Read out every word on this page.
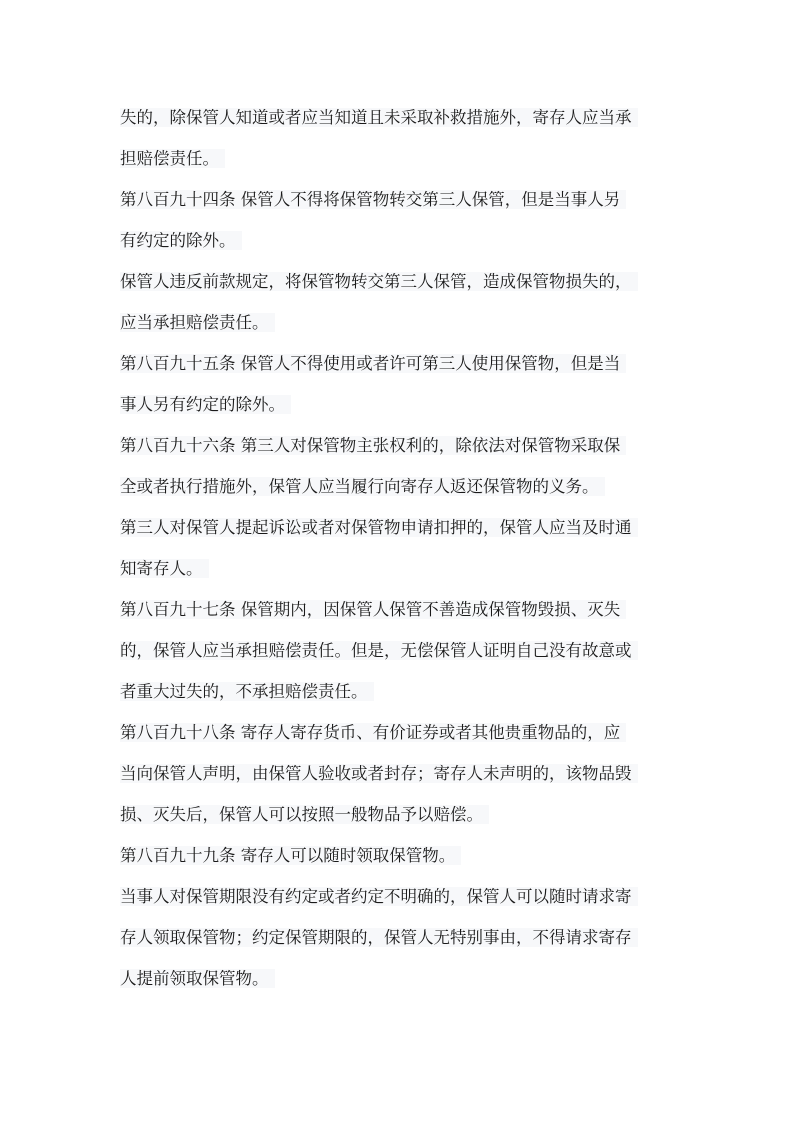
失的，除保管人知道或者应当知道且未采取补救措施外，寄存人应当承
担赔偿责任。
第八百九十四条 保管人不得将保管物转交第三人保管，但是当事人另
有约定的除外。
保管人违反前款规定，将保管物转交第三人保管，造成保管物损失的，
应当承担赔偿责任。
第八百九十五条 保管人不得使用或者许可第三人使用保管物，但是当
事人另有约定的除外。
第八百九十六条 第三人对保管物主张权利的，除依法对保管物采取保
全或者执行措施外，保管人应当履行向寄存人返还保管物的义务。
第三人对保管人提起诉讼或者对保管物申请扣押的，保管人应当及时通
知寄存人。
第八百九十七条 保管期内，因保管人保管不善造成保管物毁损、灭失
的，保管人应当承担赔偿责任。但是，无偿保管人证明自己没有故意或
者重大过失的，不承担赔偿责任。
第八百九十八条 寄存人寄存货币、有价证券或者其他贵重物品的，应
当向保管人声明，由保管人验收或者封存；寄存人未声明的，该物品毁
损、灭失后，保管人可以按照一般物品予以赔偿。
第八百九十九条 寄存人可以随时领取保管物。
当事人对保管期限没有约定或者约定不明确的，保管人可以随时请求寄
存人领取保管物；约定保管期限的，保管人无特别事由，不得请求寄存
人提前领取保管物。
